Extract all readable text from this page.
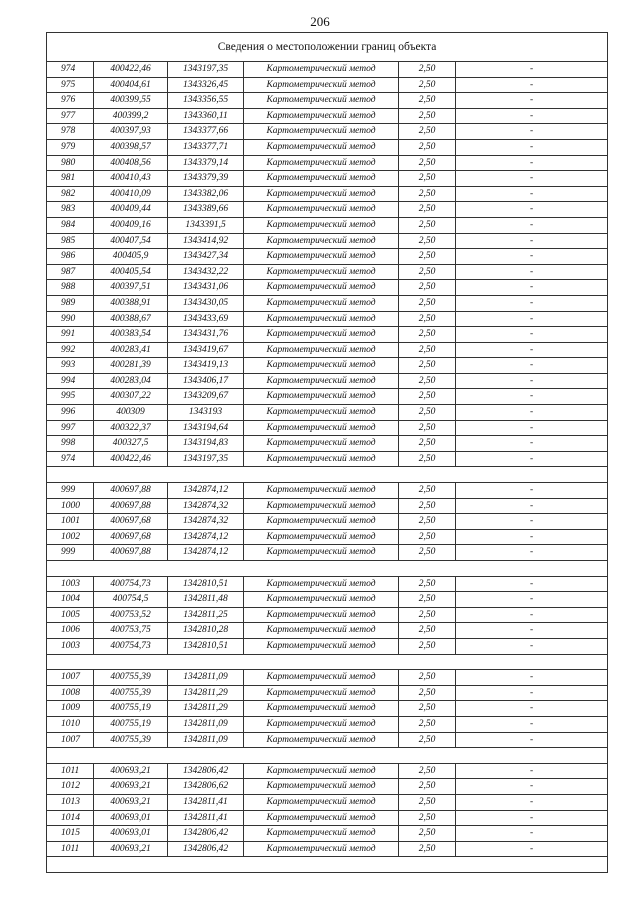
206
Сведения о местоположении границ объекта					
974	400422,46	1343197,35	Картометрический метод	2,50	-
975	400404,61	1343326,45	Картометрический метод	2,50	-
976	400399,55	1343356,55	Картометрический метод	2,50	-
977	400399,2	1343360,11	Картометрический метод	2,50	-
978	400397,93	1343377,66	Картометрический метод	2,50	-
979	400398,57	1343377,71	Картометрический метод	2,50	-
980	400408,56	1343379,14	Картометрический метод	2,50	-
981	400410,43	1343379,39	Картометрический метод	2,50	-
982	400410,09	1343382,06	Картометрический метод	2,50	-
983	400409,44	1343389,66	Картометрический метод	2,50	-
984	400409,16	1343391,5	Картометрический метод	2,50	-
985	400407,54	1343414,92	Картометрический метод	2,50	-
986	400405,9	1343427,34	Картометрический метод	2,50	-
987	400405,54	1343432,22	Картометрический метод	2,50	-
988	400397,51	1343431,06	Картометрический метод	2,50	-
989	400388,91	1343430,05	Картометрический метод	2,50	-
990	400388,67	1343433,69	Картометрический метод	2,50	-
991	400383,54	1343431,76	Картометрический метод	2,50	-
992	400283,41	1343419,67	Картометрический метод	2,50	-
993	400281,39	1343419,13	Картометрический метод	2,50	-
994	400283,04	1343406,17	Картометрический метод	2,50	-
995	400307,22	1343209,67	Картометрический метод	2,50	-
996	400309	1343193	Картометрический метод	2,50	-
997	400322,37	1343194,64	Картометрический метод	2,50	-
998	400327,5	1343194,83	Картометрический метод	2,50	-
974	400422,46	1343197,35	Картометрический метод	2,50	-

999	400697,88	1342874,12	Картометрический метод	2,50	-
1000	400697,88	1342874,32	Картометрический метод	2,50	-
1001	400697,68	1342874,32	Картометрический метод	2,50	-
1002	400697,68	1342874,12	Картометрический метод	2,50	-
999	400697,88	1342874,12	Картометрический метод	2,50	-

1003	400754,73	1342810,51	Картометрический метод	2,50	-
1004	400754,5	1342811,48	Картометрический метод	2,50	-
1005	400753,52	1342811,25	Картометрический метод	2,50	-
1006	400753,75	1342810,28	Картометрический метод	2,50	-
1003	400754,73	1342810,51	Картометрический метод	2,50	-

1007	400755,39	1342811,09	Картометрический метод	2,50	-
1008	400755,39	1342811,29	Картометрический метод	2,50	-
1009	400755,19	1342811,29	Картометрический метод	2,50	-
1010	400755,19	1342811,09	Картометрический метод	2,50	-
1007	400755,39	1342811,09	Картометрический метод	2,50	-

1011	400693,21	1342806,42	Картометрический метод	2,50	-
1012	400693,21	1342806,62	Картометрический метод	2,50	-
1013	400693,21	1342811,41	Картометрический метод	2,50	-
1014	400693,01	1342811,41	Картометрический метод	2,50	-
1015	400693,01	1342806,42	Картометрический метод	2,50	-
1011	400693,21	1342806,42	Картометрический метод	2,50	-
